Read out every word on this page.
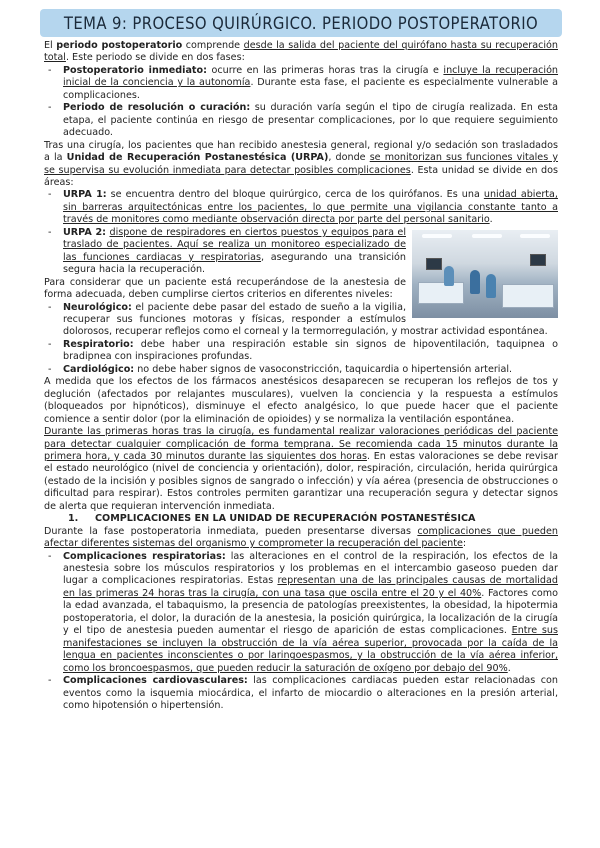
TEMA 9: PROCESO QUIRÚRGICO. PERIODO POSTOPERATORIO

El periodo postoperatorio comprende desde la salida del paciente del quirófano hasta su recuperación total. Este periodo se divide en dos fases:

- Postoperatorio inmediato: ocurre en las primeras horas tras la cirugía e incluye la recuperación inicial de la conciencia y la autonomía. Durante esta fase, el paciente es especialmente vulnerable a complicaciones.
- Periodo de resolución o curación: su duración varía según el tipo de cirugía realizada. En esta etapa, el paciente continúa en riesgo de presentar complicaciones, por lo que requiere seguimiento adecuado.

Tras una cirugía, los pacientes que han recibido anestesia general, regional y/o sedación son trasladados a la Unidad de Recuperación Postanestésica (URPA), donde se monitorizan sus funciones vitales y se supervisa su evolución inmediata para detectar posibles complicaciones. Esta unidad se divide en dos áreas:

- URPA 1: se encuentra dentro del bloque quirúrgico, cerca de los quirófanos. Es una unidad abierta, sin barreras arquitectónicas entre los pacientes, lo que permite una vigilancia constante tanto a través de monitores como mediante observación directa por parte del personal sanitario.
- URPA 2: dispone de respiradores en ciertos puestos y equipos para el traslado de pacientes. Aquí se realiza un monitoreo especializado de las funciones cardiacas y respiratorias, asegurando una transición segura hacia la recuperación.

Para considerar que un paciente está recuperándose de la anestesia de forma adecuada, deben cumplirse ciertos criterios en diferentes niveles:

- Neurológico: el paciente debe pasar del estado de sueño a la vigilia, recuperar sus funciones motoras y físicas, responder a estímulos dolorosos, recuperar reflejos como el corneal y la termorregulación, y mostrar actividad espontánea.
- Respiratorio: debe haber una respiración estable sin signos de hipoventilación, taquipnea o bradipnea con inspiraciones profundas.
- Cardiológico: no debe haber signos de vasoconstricción, taquicardia o hipertensión arterial.

A medida que los efectos de los fármacos anestésicos desaparecen se recuperan los reflejos de tos y deglución (afectados por relajantes musculares), vuelven la conciencia y la respuesta a estímulos (bloqueados por hipnóticos), disminuye el efecto analgésico, lo que puede hacer que el paciente comience a sentir dolor (por la eliminación de opioides) y se normaliza la ventilación espontánea.

Durante las primeras horas tras la cirugía, es fundamental realizar valoraciones periódicas del paciente para detectar cualquier complicación de forma temprana. Se recomienda cada 15 minutos durante la primera hora, y cada 30 minutos durante las siguientes dos horas. En estas valoraciones se debe revisar el estado neurológico (nivel de conciencia y orientación), dolor, respiración, circulación, herida quirúrgica (estado de la incisión y posibles signos de sangrado o infección) y vía aérea (presencia de obstrucciones o dificultad para respirar). Estos controles permiten garantizar una recuperación segura y detectar signos de alerta que requieran intervención inmediata.

1.     COMPLICACIONES EN LA UNIDAD DE RECUPERACIÓN POSTANESTÉSICA

Durante la fase postoperatoria inmediata, pueden presentarse diversas complicaciones que pueden afectar diferentes sistemas del organismo y comprometer la recuperación del paciente:

- Complicaciones respiratorias: las alteraciones en el control de la respiración, los efectos de la anestesia sobre los músculos respiratorios y los problemas en el intercambio gaseoso pueden dar lugar a complicaciones respiratorias. Estas representan una de las principales causas de mortalidad en las primeras 24 horas tras la cirugía, con una tasa que oscila entre el 20 y el 40%. Factores como la edad avanzada, el tabaquismo, la presencia de patologías preexistentes, la obesidad, la hipotermia postoperatoria, el dolor, la duración de la anestesia, la posición quirúrgica, la localización de la cirugía y el tipo de anestesia pueden aumentar el riesgo de aparición de estas complicaciones. Entre sus manifestaciones se incluyen la obstrucción de la vía aérea superior, provocada por la caída de la lengua en pacientes inconscientes o por laringoespasmos, y la obstrucción de la vía aérea inferior, como los broncoespasmos, que pueden reducir la saturación de oxígeno por debajo del 90%.
- Complicaciones cardiovasculares: las complicaciones cardiacas pueden estar relacionadas con eventos como la isquemia miocárdica, el infarto de miocardio o alteraciones en la presión arterial, como hipotensión o hipertensión.
